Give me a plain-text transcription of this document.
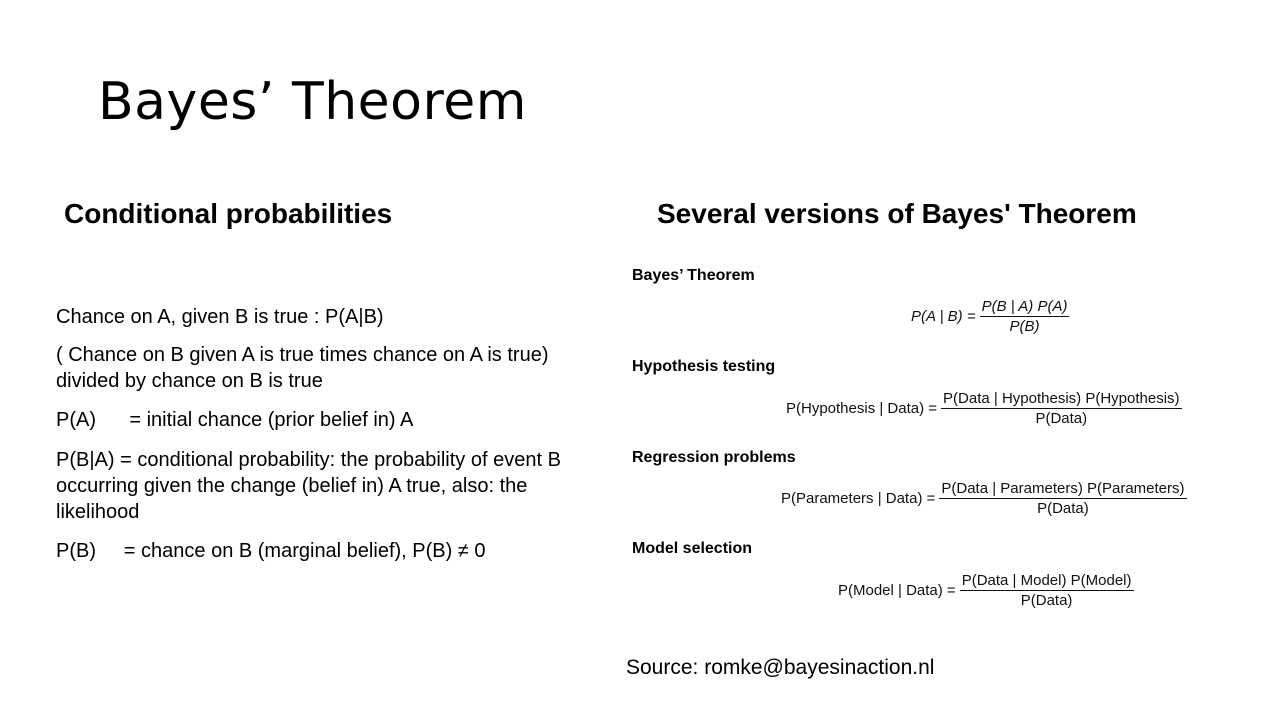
Bayes’ Theorem
Conditional probabilities	Several versions of Bayes' Theorem
Chance on A, given B is true : P(A|B)
( Chance on B given A is true times chance on A is true) divided by chance on B is true
P(A)      = initial chance (prior belief in) A
P(B|A) = conditional probability: the probability of event B occurring given the change (belief in) A true, also: the likelihood
P(B)     = chance on B (marginal belief), P(B) ≠ 0
Bayes’ Theorem
P(A | $B) = \frac{P(B | A) P(A)}{P(B)}$
Hypothesis testing
P(Hypothesis | Data) = $\frac{\text{P(Data | Hypothesis) P(Hypothesis)}}{\text{P(Data)}}$
Regression problems
P(Parameters | Data) = $\frac{\text{P(Data | Parameters) P(Parameters)}}{\text{P(Data)}}$
Model selection
P(Model | Data) = $\frac{\text{P(Data | Model) P(Model)}}{\text{P(Data)}}$
Source: romke@bayesinaction.nl
